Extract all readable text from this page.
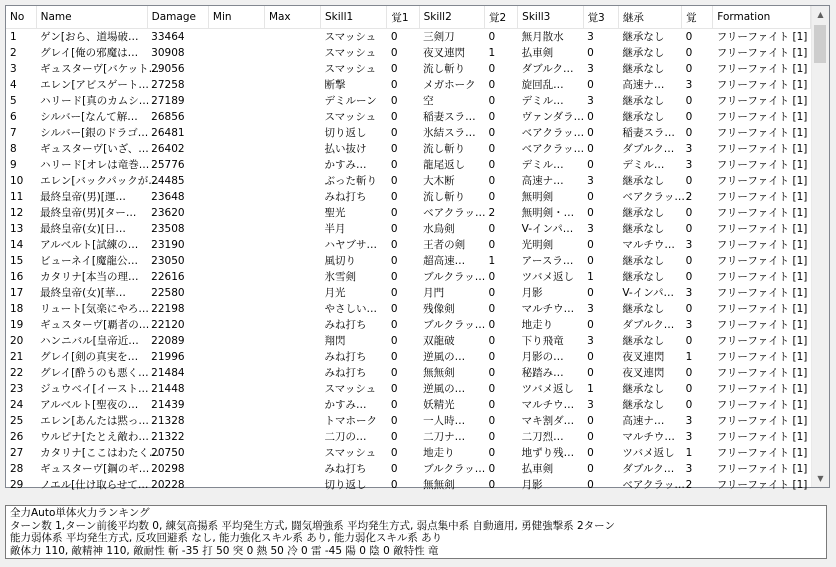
No	Name	Damage	Min	Max	Skill1	覚1	Skill2	覚2	Skill3	覚3	継承	覚	Formation
1	ゲン[おら、道場破…	33464			スマッシュ	0	三剣刀	0	無月散水	3	継承なし	0	フリーファイト [1]
2	グレイ[俺の邪魔は…	30908			スマッシュ	0	夜叉連閃	1	払車剣	0	継承なし	0	フリーファイト [1]
3	ギュスターヴ[バケット…	29056			スマッシュ	0	流し斬り	0	ダブルク…	3	継承なし	0	フリーファイト [1]
4	エレン[アビスゲート…	27258			断撃	0	メガホーク	0	旋回乱…	0	高速ナ…	3	フリーファイト [1]
5	ハリード[真のカムシ…	27189			デミルーン	0	空	0	デミル…	3	継承なし	0	フリーファイト [1]
6	シルバー[なんて解…	26856			スマッシュ	0	稲妻スラ…	0	ヴァンダラ…	0	継承なし	0	フリーファイト [1]
7	シルバー[銀のドラゴ…	26481			切り返し	0	氷結スラ…	0	ベアクラッ…	0	稲妻スラ…	0	フリーファイト [1]
8	ギュスターヴ[いざ、…	26402			払い抜け	0	流し斬り	0	ベアクラッ…	0	ダブルク…	3	フリーファイト [1]
9	ハリード[オレは竜巻…	25776			かすみ…	0	龍尾返し	0	デミル…	0	デミル…	3	フリーファイト [1]
10	エレン[バックパックが…	24485			ぶった斬り	0	大木断	0	高速ナ…	3	継承なし	0	フリーファイト [1]
11	最終皇帝(男)[運…	23648			みね打ち	0	流し斬り	0	無明剣	0	ベアクラッ…	2	フリーファイト [1]
12	最終皇帝(男)[ター…	23620			聖光	0	ベアクラッ…	2	無明剣・…	0	継承なし	0	フリーファイト [1]
13	最終皇帝(女)[日…	23508			半月	0	水鳥剣	0	V-インパ…	3	継承なし	0	フリーファイト [1]
14	アルベルト[試練の…	23190			ハヤブサ…	0	王者の剣	0	光明剣	0	マルチウ…	3	フリーファイト [1]
15	ビューネイ[魔龍公…	23050			風切り	0	超高速…	1	アースラ…	0	継承なし	0	フリーファイト [1]
16	カタリナ[本当の理…	22616			氷雪剣	0	ブルクラッ…	0	ツバメ返し	1	継承なし	0	フリーファイト [1]
17	最終皇帝(女)[華…	22580			月光	0	月門	0	月影	0	V-インパ…	3	フリーファイト [1]
18	リュート[気楽にやろ…	22198			やさしい…	0	残像剣	0	マルチウ…	3	継承なし	0	フリーファイト [1]
19	ギュスターヴ[覇者の…	22120			みね打ち	0	ブルクラッ…	0	地走り	0	ダブルク…	3	フリーファイト [1]
20	ハンニバル[皇帝近…	22089			翔閃	0	双龍破	0	下り飛竜	3	継承なし	0	フリーファイト [1]
21	グレイ[剣の真実を…	21996			みね打ち	0	逆風の…	0	月影の…	0	夜叉連閃	1	フリーファイト [1]
22	グレイ[酔うのも悪く…	21484			みね打ち	0	無無剣	0	秘踏み…	0	夜叉連閃	0	フリーファイト [1]
23	ジュウベイ[イースト…	21448			スマッシュ	0	逆風の…	0	ツバメ返し	1	継承なし	0	フリーファイト [1]
24	アルベルト[聖夜の…	21439			かすみ…	0	妖精光	0	マルチウ…	3	継承なし	0	フリーファイト [1]
25	エレン[あんたは黙っ…	21328			トマホーク	0	一人時…	0	マキ割ダ…	0	高速ナ…	3	フリーファイト [1]
26	ウルピナ[たとえ敵わ…	21322			二刀の…	0	二刀ナ…	0	二刀烈…	0	マルチウ…	3	フリーファイト [1]
27	カタリナ[ここはわたく…	20750			スマッシュ	0	地走り	0	地ずり残…	0	ツバメ返し	1	フリーファイト [1]
28	ギュスターヴ[鋼のギ…	20298			みね打ち	0	ブルクラッ…	0	払車剣	0	ダブルク…	3	フリーファイト [1]
29	ノエル[仕け取らせて…	20228			切り返し	0	無無剣	0	月影	0	ベアクラッ…	2	フリーファイト [1]
▲
▼
全力Auto単体火力ランキング
ターン数 1,ターン前後平均数 0, 練気高揚系 平均発生方式, 闘気増強系 平均発生方式, 弱点集中系 自動適用, 勇健強撃系 2ターン
能力弱体系 平均発生方式, 反攻回避系 なし, 能力強化スキル系 あり, 能力弱化スキル系 あり
敵体力 110, 敵精神 110, 敵耐性 斬 -35 打 50 突 0 熱 50 冷 0 雷 -45 陽 0 陰 0 敵特性 竜
